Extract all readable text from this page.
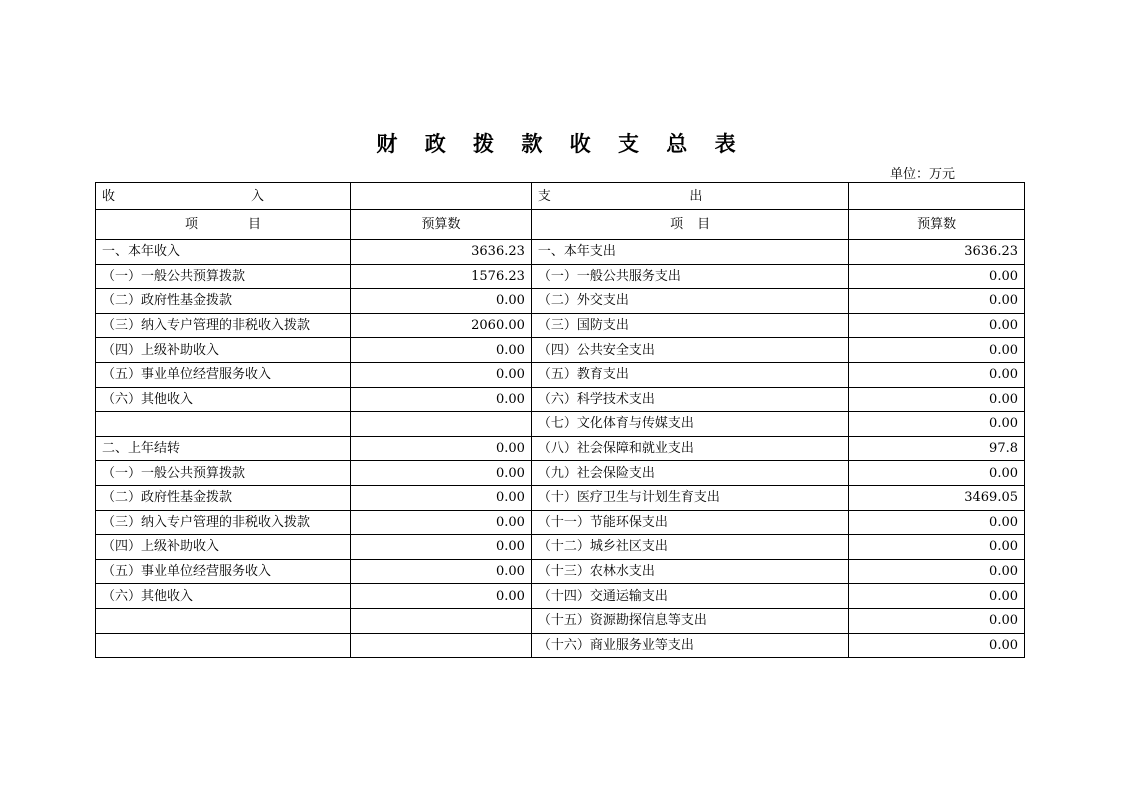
财 政 拨 款 收 支 总 表
单位：万元
收 入		支 出	

项 目	预算数	项 目	预算数
一、本年收入	3636.23	一、本年支出	3636.23
（一）一般公共预算拨款	1576.23	（一）一般公共服务支出	0.00
（二）政府性基金拨款	0.00	（二）外交支出	0.00
（三）纳入专户管理的非税收入拨款	2060.00	（三）国防支出	0.00
（四）上级补助收入	0.00	（四）公共安全支出	0.00
（五）事业单位经营服务收入	0.00	（五）教育支出	0.00
（六）其他收入	0.00	（六）科学技术支出	0.00
		（七）文化体育与传媒支出	0.00
二、上年结转	0.00	（八）社会保障和就业支出	97.8
（一）一般公共预算拨款	0.00	（九）社会保险支出	0.00
（二）政府性基金拨款	0.00	（十）医疗卫生与计划生育支出	3469.05
（三）纳入专户管理的非税收入拨款	0.00	（十一）节能环保支出	0.00
（四）上级补助收入	0.00	（十二）城乡社区支出	0.00
（五）事业单位经营服务收入	0.00	（十三）农林水支出	0.00
（六）其他收入	0.00	（十四）交通运输支出	0.00
		（十五）资源勘探信息等支出	0.00
		（十六）商业服务业等支出	0.00
